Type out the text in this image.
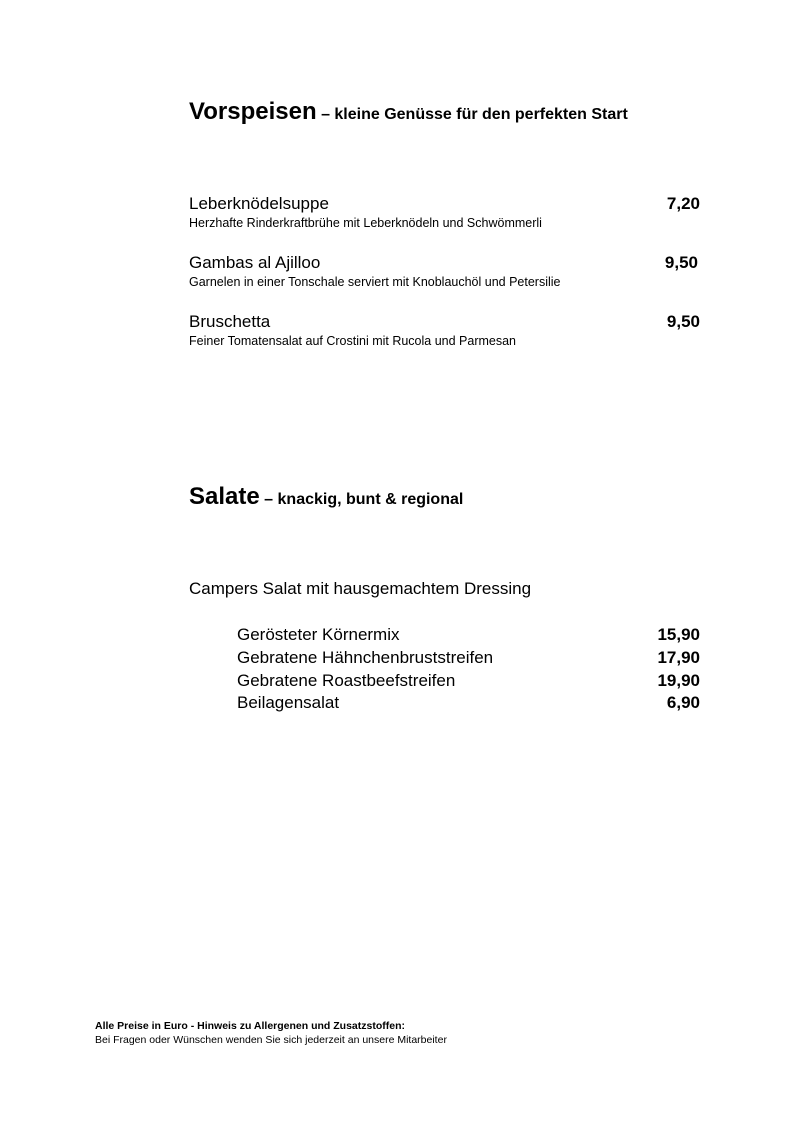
Vorspeisen – kleine Genüsse für den perfekten Start
Leberknödelsuppe	7,20
Herzhafte Rinderkraftbrühe mit Leberknödeln und Schwömmerli
Gambas al Ajilloo	9,50
Garnelen in einer Tonschale serviert mit Knoblauchöl und Petersilie
Bruschetta	9,50
Feiner Tomatensalat auf Crostini mit Rucola und Parmesan
Salate – knackig, bunt & regional
Campers Salat mit hausgemachtem Dressing
Gerösteter Körnermix	15,90
Gebratene Hähnchenbruststreifen	17,90
Gebratene Roastbeefstreifen	19,90
Beilagensalat	6,90
Alle Preise in Euro - Hinweis zu Allergenen und Zusatzstoffen:
Bei Fragen oder Wünschen wenden Sie sich jederzeit an unsere Mitarbeiter
